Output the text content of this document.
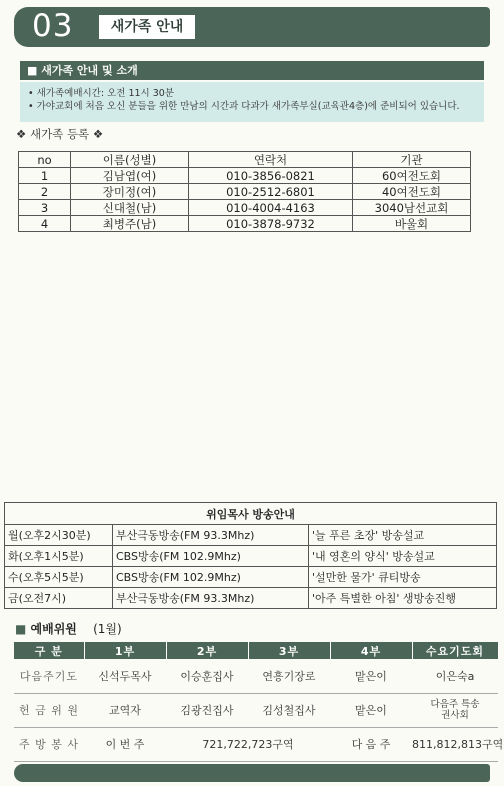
03	새가족 안내
■ 새가족 안내 및 소개
• 새가족예배시간: 오전 11시 30분
• 가야교회에 처음 오신 분들을 위한 만남의 시간과 다과가 새가족부실(교육관4층)에 준비되어 있습니다.
❖ 새가족 등록 ❖
no	이름(성별)	연락처	기관
1	김남엽(여)	010-3856-0821	60여전도회
2	장미정(여)	010-2512-6801	40여전도회
3	신대철(남)	010-4004-4163	3040남선교회
4	최병주(남)	010-3878-9732	바울회
위임목사 방송안내		
월(오후2시30분)	부산극동방송(FM 93.3Mhz)	'늘 푸른 초장' 방송설교
화(오후1시5분)	CBS방송(FM 102.9Mhz)	'내 영혼의 양식' 방송설교
수(오후5시5분)	CBS방송(FM 102.9Mhz)	'설만한 물가' 큐티방송
금(오전7시)	부산극동방송(FM 93.3Mhz)	'아주 특별한 아침' 생방송진행
■ 예배위원 (1월)
구 분	1부	2부	3부	4부	수요기도회
다음주기도	신석두목사	이승훈집사	연흥기장로	맡은이	이은숙a
헌 금 위 원	교역자	김광진집사	김성철집사	맡은이	다음주 특송
권사회
주 방 봉 사	이 번 주	721,722,723구역		다 음 주	811,812,813구역
